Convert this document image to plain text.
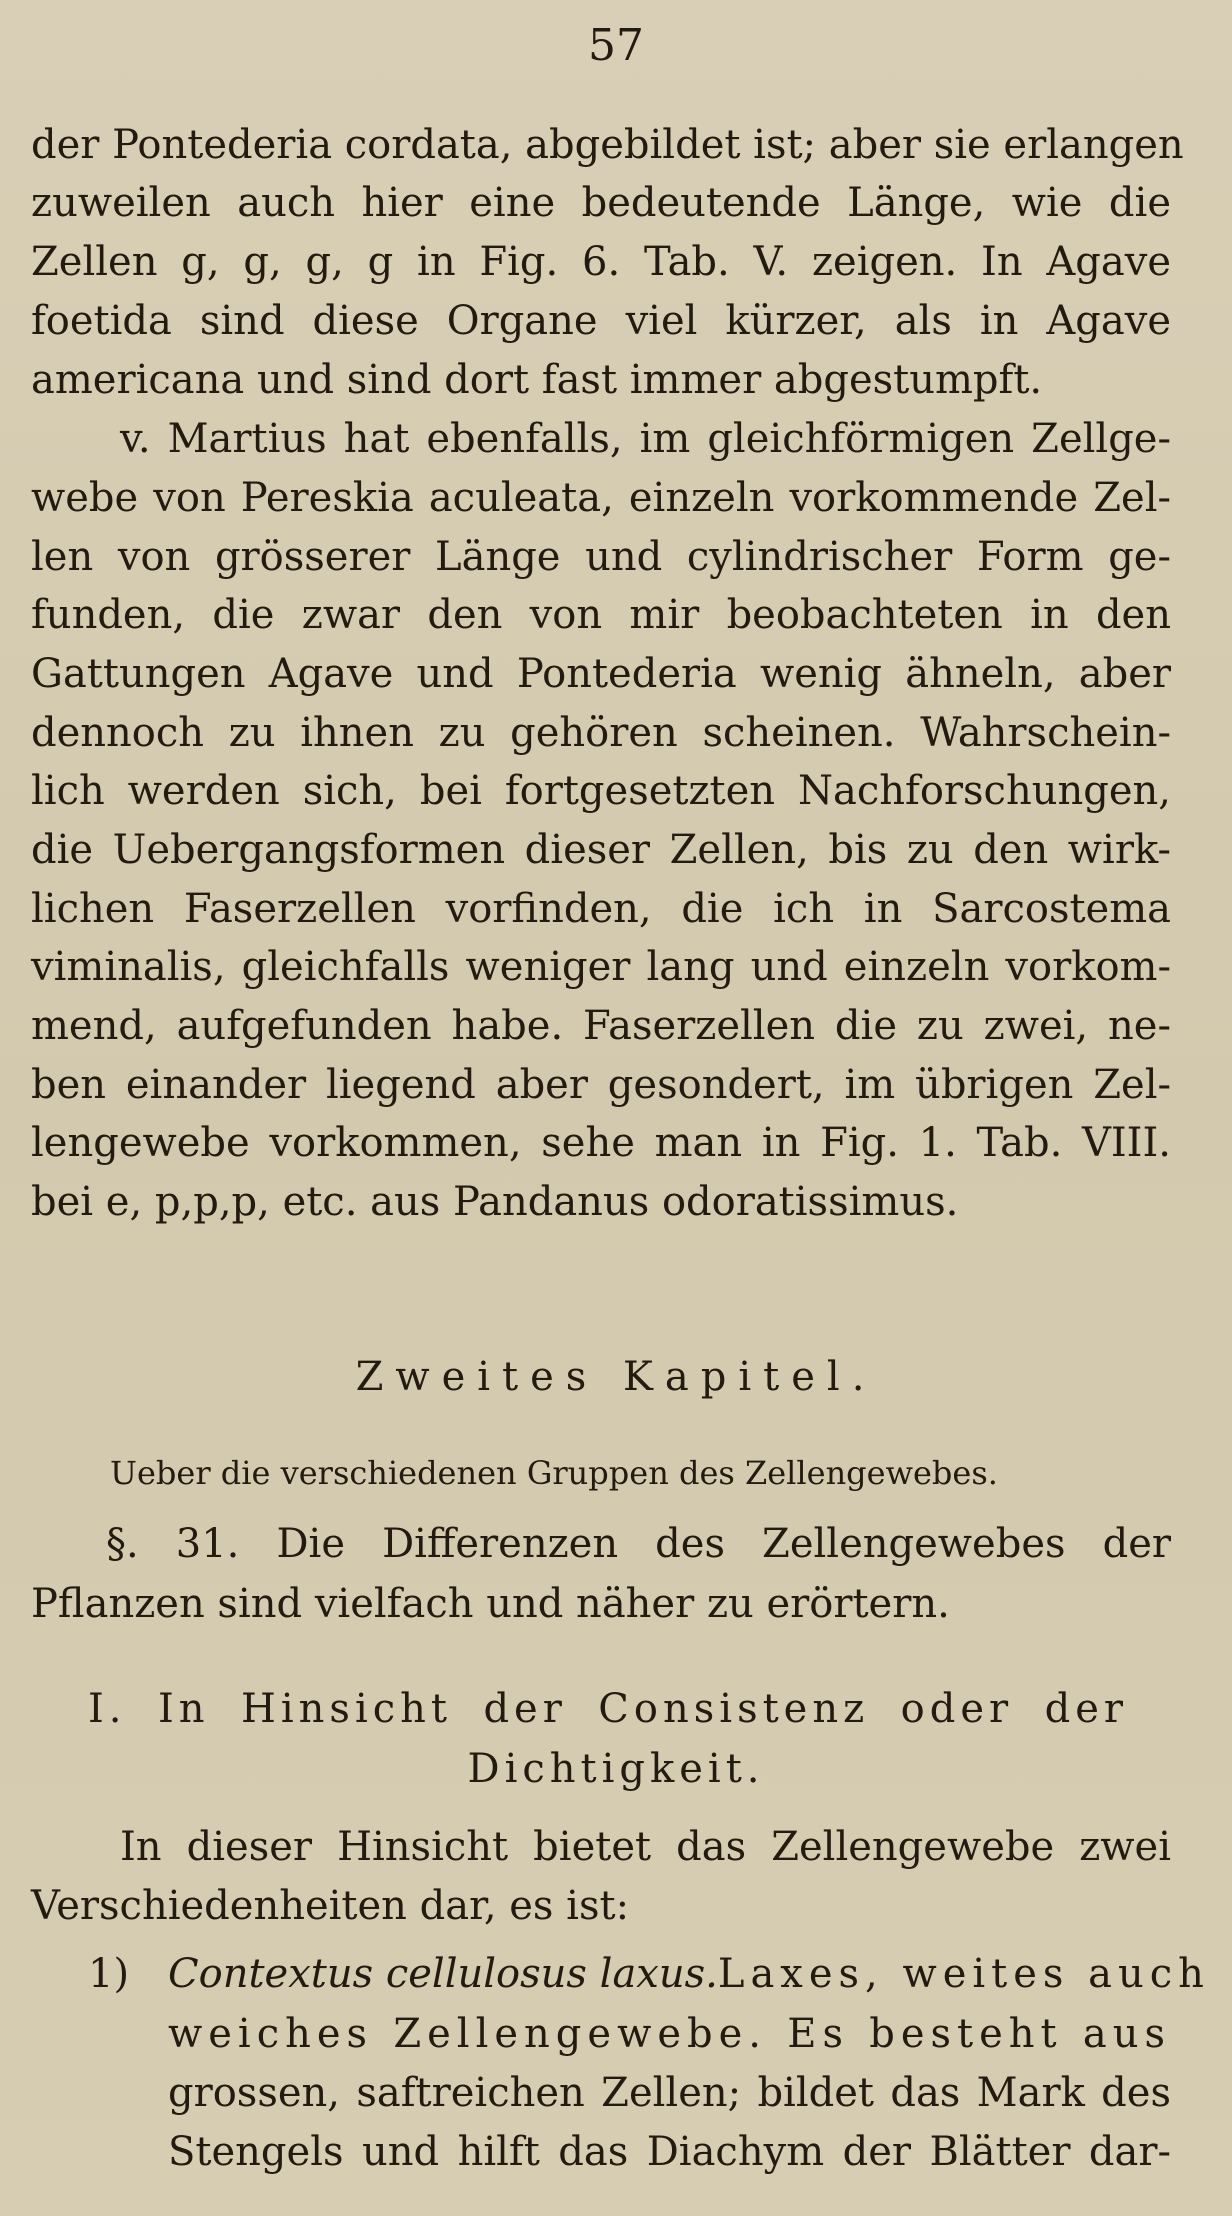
57
der Pontederia cordata, abgebildet ist; aber sie erlangen
zuweilen auch hier eine bedeutende Länge, wie die
Zellen g, g, g, g in Fig. 6. Tab. V. zeigen. In Agave
foetida sind diese Organe viel kürzer, als in Agave
americana und sind dort fast immer abgestumpft.
v. Martius hat ebenfalls, im gleichförmigen Zellge-
webe von Pereskia aculeata, einzeln vorkommende Zel-
len von grösserer Länge und cylindrischer Form ge-
funden, die zwar den von mir beobachteten in den
Gattungen Agave und Pontederia wenig ähneln, aber
dennoch zu ihnen zu gehören scheinen. Wahrschein-
lich werden sich, bei fortgesetzten Nachforschungen,
die Uebergangsformen dieser Zellen, bis zu den wirk-
lichen Faserzellen vorfinden, die ich in Sarcostema
viminalis, gleichfalls weniger lang und einzeln vorkom-
mend, aufgefunden habe. Faserzellen die zu zwei, ne-
ben einander liegend aber gesondert, im übrigen Zel-
lengewebe vorkommen, sehe man in Fig. 1. Tab. VIII.
bei e, p,p,p, etc. aus Pandanus odoratissimus.
Zweites Kapitel.
Ueber die verschiedenen Gruppen des Zellengewebes.
§. 31. Die Differenzen des Zellengewebes der
Pflanzen sind vielfach und näher zu erörtern.
I. In Hinsicht der Consistenz oder der
Dichtigkeit.
In dieser Hinsicht bietet das Zellengewebe zwei
Verschiedenheiten dar, es ist:
1) Contextus cellulosus laxus. Laxes, weites auch
weiches Zellengewebe. Es besteht aus
grossen, saftreichen Zellen; bildet das Mark des
Stengels und hilft das Diachym der Blätter dar-
